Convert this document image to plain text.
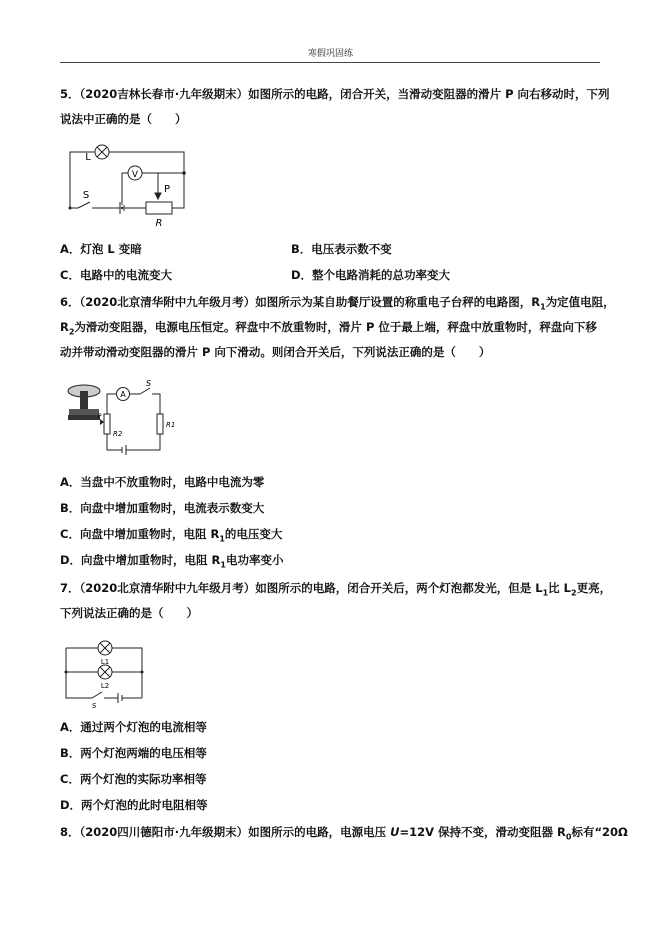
寒假巩固练
5．（2020吉林长春市·九年级期末）如图所示的电路，闭合开关，当滑动变阻器的滑片 P 向右移动时，下列
说法中正确的是（　　）
L
V
S
P
R
A．灯泡 L 变暗	B．电压表示数不变
C．电路中的电流变大	D．整个电路消耗的总功率变大
6．（2020北京清华附中九年级月考）如图所示为某自助餐厅设置的称重电子台秤的电路图，$R_1$为定值电阻，
$R_2$为滑动变阻器，电源电压恒定。秤盘中不放重物时，滑片 P 位于最上端，秤盘中放重物时，秤盘向下移
动并带动滑动变阻器的滑片 P 向下滑动。则闭合开关后，下列说法正确的是（　　）
A
S
R1
R2
P
A．当盘中不放重物时，电路中电流为零
B．向盘中增加重物时，电流表示数变大
C．向盘中增加重物时，电阻 $R_1$的电压变大
D．向盘中增加重物时，电阻 $R_1$电功率变小
7．（2020北京清华附中九年级月考）如图所示的电路，闭合开关后，两个灯泡都发光，但是 $L_1$比 $L_2$更亮，
下列说法正确的是（　　）
L1
L2
S
A．通过两个灯泡的电流相等
B．两个灯泡两端的电压相等
C．两个灯泡的实际功率相等
D．两个灯泡的此时电阻相等
8．（2020四川德阳市·九年级期末）如图所示的电路，电源电压 U=12V 保持不变，滑动变阻器 $R_0$标有“20Ω
